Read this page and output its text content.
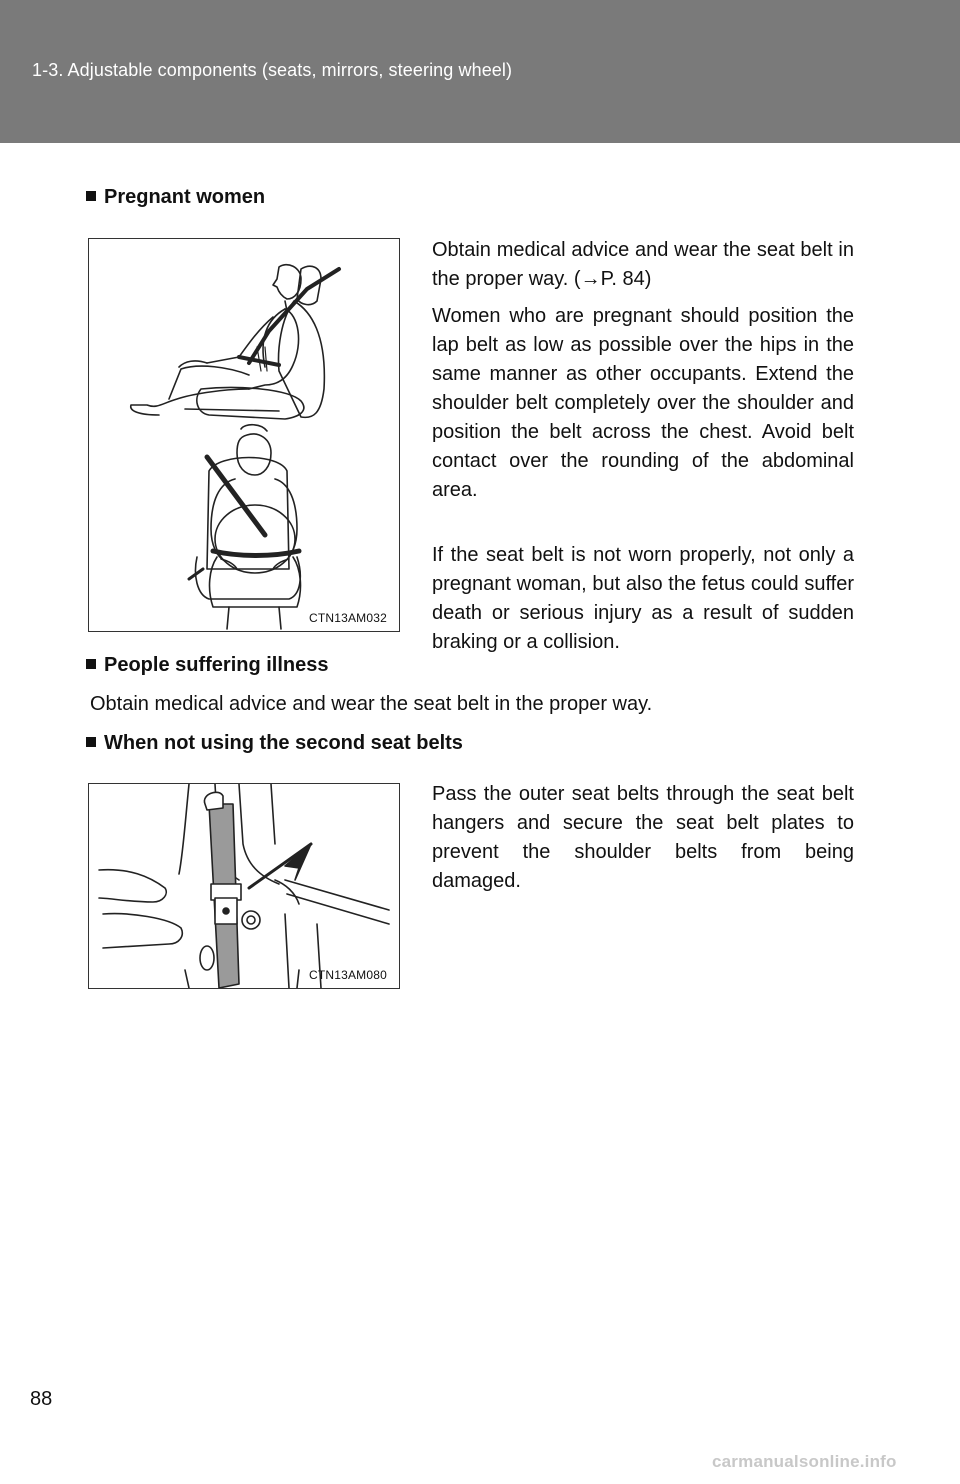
1-3. Adjustable components (seats, mirrors, steering wheel)
Pregnant women
CTN13AM032

Obtain medical advice and wear the seat belt in the proper way. (→P. 84)

Women who are pregnant should position the lap belt as low as possible over the hips in the same manner as other occupants. Extend the shoulder belt completely over the shoulder and position the belt across the chest. Avoid belt contact over the rounding of the abdominal area.

If the seat belt is not worn properly, not only a pregnant woman, but also the fetus could suffer death or serious injury as a result of sudden braking or a collision.

People suffering illness

Obtain medical advice and wear the seat belt in the proper way.

When not using the second seat belts
CTN13AM080

Pass the outer seat belts through the seat belt hangers and secure the seat belt plates to prevent the shoulder belts from being damaged.

88
carmanualsonline.info
